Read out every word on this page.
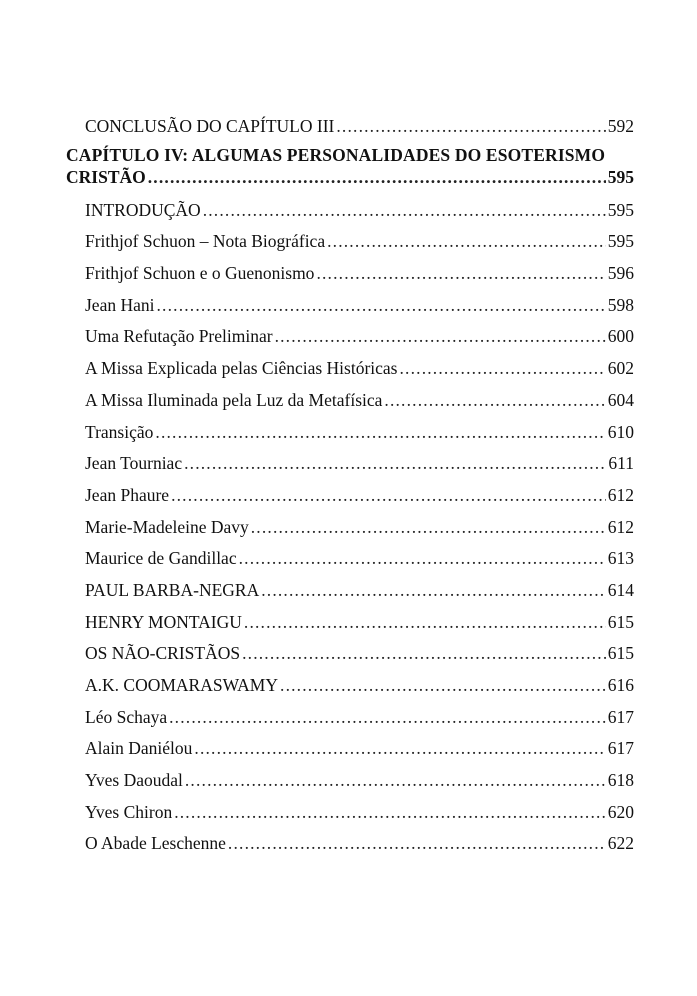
CONCLUSÃO DO CAPÍTULO III . . .	592
CAPÍTULO IV: ALGUMAS PERSONALIDADES DO ESOTERISMO
CRISTÃO . . .	595
INTRODUÇÃO . . .	595
Frithjof Schuon – Nota Biográfica . . .	595
Frithjof Schuon e o Guenonismo . . .	596
Jean Hani . . .	598
Uma Refutação Preliminar . . .	600
A Missa Explicada pelas Ciências Históricas . . .	602
A Missa Iluminada pela Luz da Metafísica . . .	604
Transição . . .	610
Jean Tourniac . . .	611
Jean Phaure . . .	612
Marie-Madeleine Davy . . .	612
Maurice de Gandillac . . .	613
PAUL BARBA-NEGRA . . .	614
HENRY MONTAIGU . . .	615
OS NÃO-CRISTÃOS . . .	615
A.K. COOMARASWAMY . . .	616
Léo Schaya . . .	617
Alain Daniélou . . .	617
Yves Daoudal . . .	618
Yves Chiron . . .	620
O Abade Leschenne . . .	622
